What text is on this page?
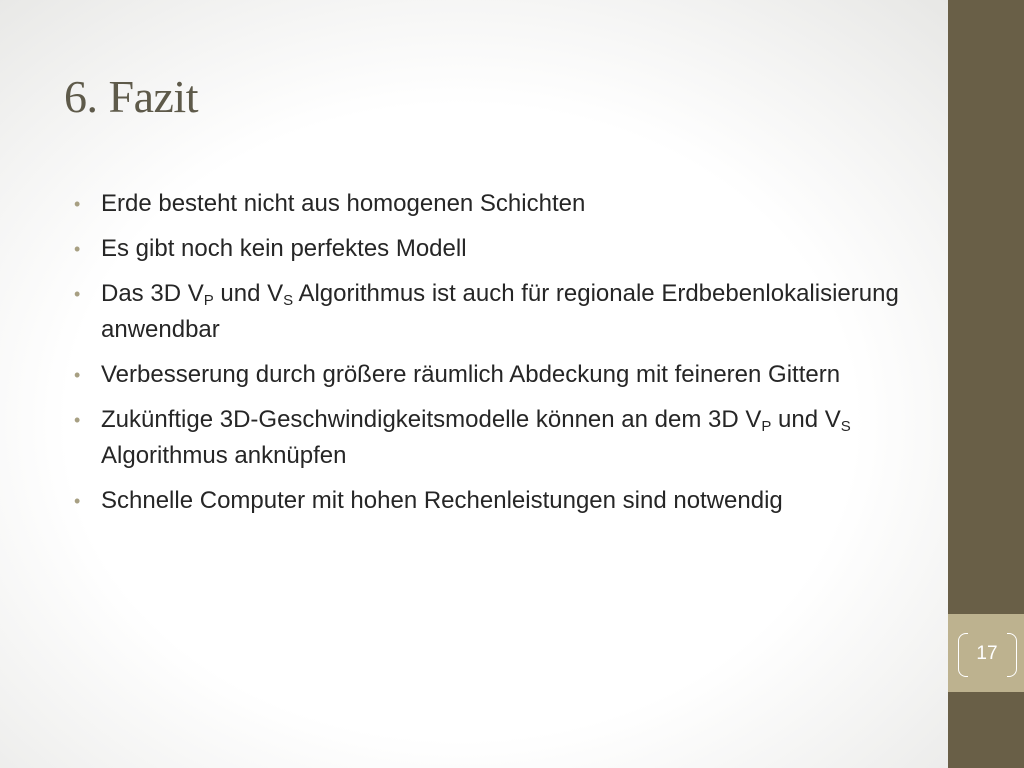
6. Fazit
• Erde besteht nicht aus homogenen Schichten
• Es gibt noch kein perfektes Modell
• Das 3D $V_P$ und $V_S$ Algorithmus ist auch für regionale Erdbebenlokalisierung anwendbar
• Verbesserung durch größere räumlich Abdeckung mit feineren Gittern
• Zukünftige 3D-Geschwindigkeitsmodelle können an dem 3D $V_P$ und $V_S$ Algorithmus anknüpfen
• Schnelle Computer mit hohen Rechenleistungen sind notwendig
17
